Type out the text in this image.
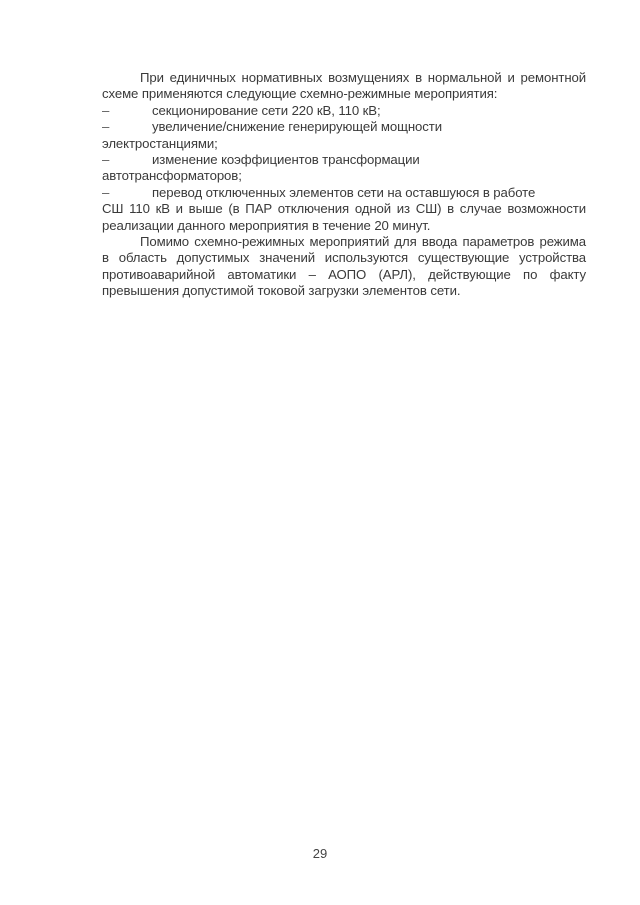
При единичных нормативных возмущениях в нормальной и ремонтной схеме применяются следующие схемно-режимные мероприятия:

–	секционирование сети 220 кВ, 110 кВ;
–	увеличение/снижение генерирующей мощности
электростанциями;
–	изменение коэффициентов трансформации
автотрансформаторов;
–	перевод отключенных элементов сети на оставшуюся в работе
СШ 110 кВ и выше (в ПАР отключения одной из СШ) в случае возможности реализации данного мероприятия в течение 20 минут.

Помимо схемно-режимных мероприятий для ввода параметров режима в область допустимых значений используются существующие устройства противоаварийной автоматики – АОПО (АРЛ), действующие по факту превышения допустимой токовой загрузки элементов сети.

29
